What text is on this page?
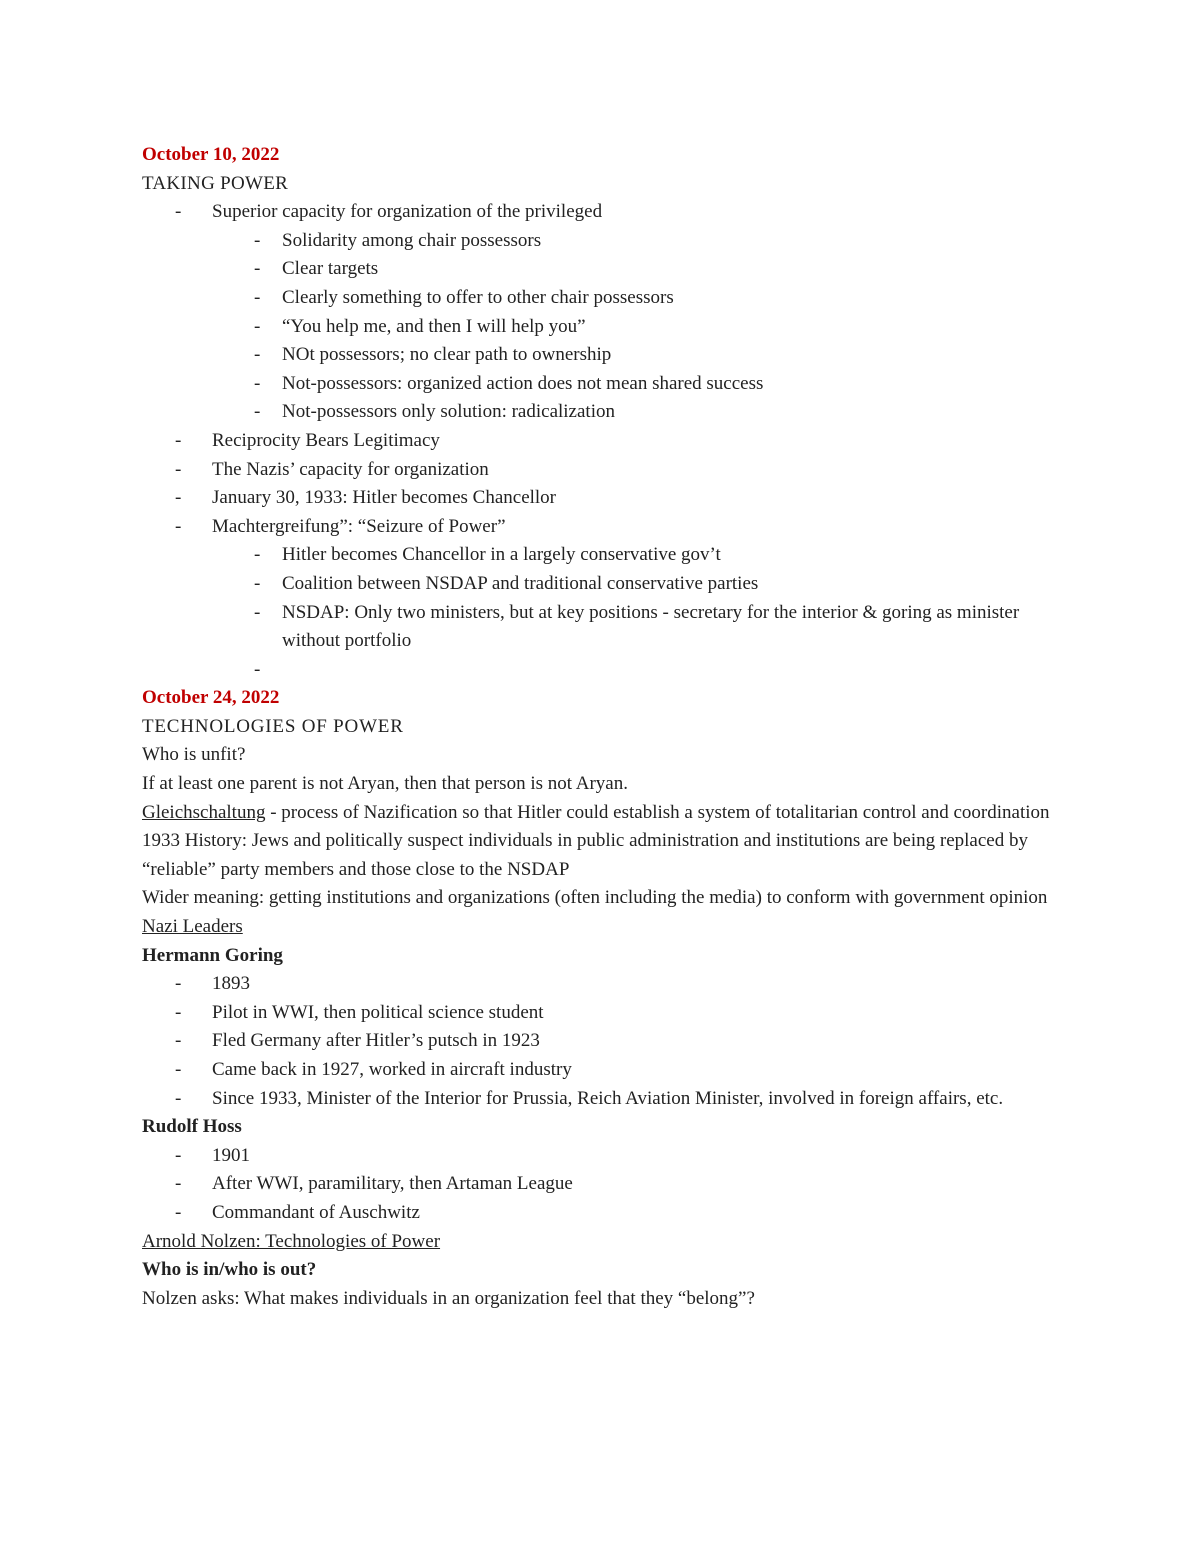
October 10, 2022
TAKING POWER
- Superior capacity for organization of the privileged
- Solidarity among chair possessors
- Clear targets
- Clearly something to offer to other chair possessors
- “You help me, and then I will help you”
- NOt possessors; no clear path to ownership
- Not-possessors: organized action does not mean shared success
- Not-possessors only solution: radicalization
- Reciprocity Bears Legitimacy
- The Nazis’ capacity for organization
- January 30, 1933: Hitler becomes Chancellor
- Machtergreifung”: “Seizure of Power”
- Hitler becomes Chancellor in a largely conservative gov’t
- Coalition between NSDAP and traditional conservative parties
- NSDAP: Only two ministers, but at key positions - secretary for the interior & goring as minister without portfolio
-
October 24, 2022
TECHNOLOGIES OF POWER
Who is unfit?
If at least one parent is not Aryan, then that person is not Aryan.
Gleichschaltung - process of Nazification so that Hitler could establish a system of totalitarian control and coordination
1933 History: Jews and politically suspect individuals in public administration and institutions are being replaced by “reliable” party members and those close to the NSDAP
Wider meaning: getting institutions and organizations (often including the media) to conform with government opinion
Nazi Leaders
Hermann Goring
- 1893
- Pilot in WWI, then political science student
- Fled Germany after Hitler’s putsch in 1923
- Came back in 1927, worked in aircraft industry
- Since 1933, Minister of the Interior for Prussia, Reich Aviation Minister, involved in foreign affairs, etc.
Rudolf Hoss
- 1901
- After WWI, paramilitary, then Artaman League
- Commandant of Auschwitz
Arnold Nolzen: Technologies of Power
Who is in/who is out?
Nolzen asks: What makes individuals in an organization feel that they “belong”?
